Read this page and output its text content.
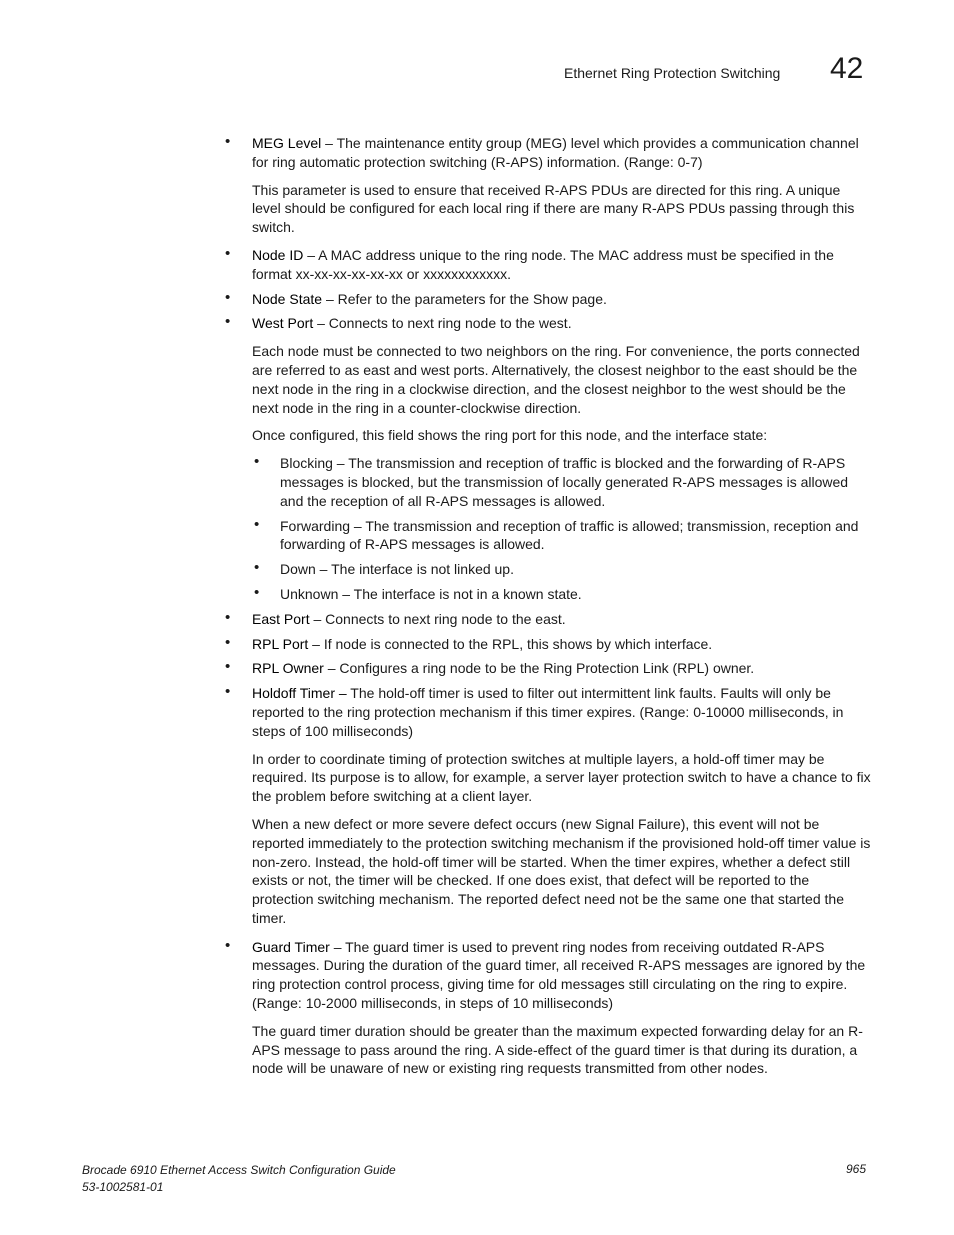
Ethernet Ring Protection Switching 42
• MEG Level – The maintenance entity group (MEG) level which provides a communication channel for ring automatic protection switching (R-APS) information. (Range: 0-7)
This parameter is used to ensure that received R-APS PDUs are directed for this ring. A unique level should be configured for each local ring if there are many R-APS PDUs passing through this switch.
• Node ID – A MAC address unique to the ring node. The MAC address must be specified in the format xx-xx-xx-xx-xx-xx or xxxxxxxxxxxx.
• Node State – Refer to the parameters for the Show page.
• West Port – Connects to next ring node to the west.
Each node must be connected to two neighbors on the ring. For convenience, the ports connected are referred to as east and west ports. Alternatively, the closest neighbor to the east should be the next node in the ring in a clockwise direction, and the closest neighbor to the west should be the next node in the ring in a counter-clockwise direction.
Once configured, this field shows the ring port for this node, and the interface state:
• Blocking – The transmission and reception of traffic is blocked and the forwarding of R-APS messages is blocked, but the transmission of locally generated R-APS messages is allowed and the reception of all R-APS messages is allowed.
• Forwarding – The transmission and reception of traffic is allowed; transmission, reception and forwarding of R-APS messages is allowed.
• Down – The interface is not linked up.
• Unknown – The interface is not in a known state.
• East Port – Connects to next ring node to the east.
• RPL Port – If node is connected to the RPL, this shows by which interface.
• RPL Owner – Configures a ring node to be the Ring Protection Link (RPL) owner.
• Holdoff Timer – The hold-off timer is used to filter out intermittent link faults. Faults will only be reported to the ring protection mechanism if this timer expires. (Range: 0-10000 milliseconds, in steps of 100 milliseconds)
In order to coordinate timing of protection switches at multiple layers, a hold-off timer may be required. Its purpose is to allow, for example, a server layer protection switch to have a chance to fix the problem before switching at a client layer.
When a new defect or more severe defect occurs (new Signal Failure), this event will not be reported immediately to the protection switching mechanism if the provisioned hold-off timer value is non-zero. Instead, the hold-off timer will be started. When the timer expires, whether a defect still exists or not, the timer will be checked. If one does exist, that defect will be reported to the protection switching mechanism. The reported defect need not be the same one that started the timer.
• Guard Timer – The guard timer is used to prevent ring nodes from receiving outdated R-APS messages. During the duration of the guard timer, all received R-APS messages are ignored by the ring protection control process, giving time for old messages still circulating on the ring to expire. (Range: 10-2000 milliseconds, in steps of 10 milliseconds)
The guard timer duration should be greater than the maximum expected forwarding delay for an R-APS message to pass around the ring. A side-effect of the guard timer is that during its duration, a node will be unaware of new or existing ring requests transmitted from other nodes.
Brocade 6910 Ethernet Access Switch Configuration Guide
53-1002581-01
965
